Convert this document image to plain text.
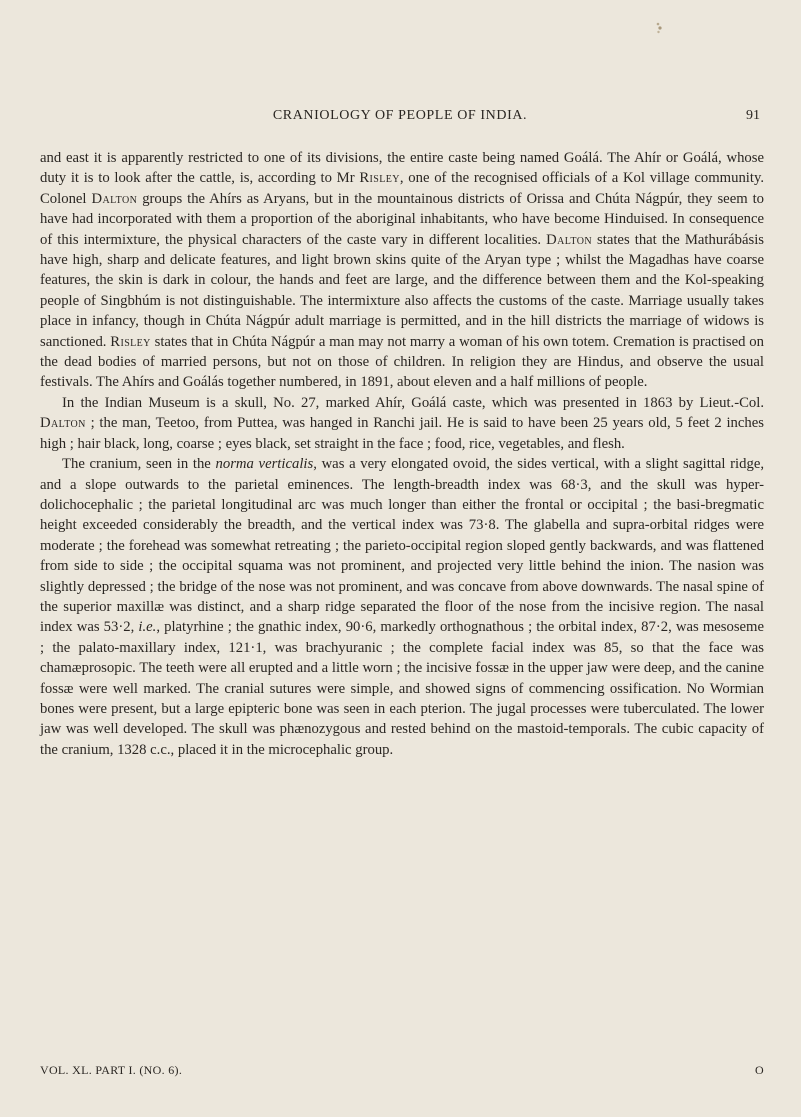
CRANIOLOGY OF PEOPLE OF INDIA.	91

and east it is apparently restricted to one of its divisions, the entire caste being named Goálá. The Ahír or Goálá, whose duty it is to look after the cattle, is, according to Mr Risley, one of the recognised officials of a Kol village community. Colonel Dalton groups the Ahírs as Aryans, but in the mountainous districts of Orissa and Chúta Nágpúr, they seem to have had incorporated with them a proportion of the aboriginal inhabitants, who have become Hinduised. In consequence of this intermixture, the physical characters of the caste vary in different localities. Dalton states that the Mathurábásis have high, sharp and delicate features, and light brown skins quite of the Aryan type ; whilst the Magadhas have coarse features, the skin is dark in colour, the hands and feet are large, and the difference between them and the Kol-speaking people of Singbhúm is not distinguishable. The intermixture also affects the customs of the caste. Marriage usually takes place in infancy, though in Chúta Nágpúr adult marriage is permitted, and in the hill districts the marriage of widows is sanctioned. Risley states that in Chúta Nágpúr a man may not marry a woman of his own totem. Cremation is practised on the dead bodies of married persons, but not on those of children. In religion they are Hindus, and observe the usual festivals. The Ahírs and Goálás together numbered, in 1891, about eleven and a half millions of people.

In the Indian Museum is a skull, No. 27, marked Ahír, Goálá caste, which was presented in 1863 by Lieut.-Col. Dalton ; the man, Teetoo, from Puttea, was hanged in Ranchi jail. He is said to have been 25 years old, 5 feet 2 inches high ; hair black, long, coarse ; eyes black, set straight in the face ; food, rice, vegetables, and flesh.

The cranium, seen in the norma verticalis, was a very elongated ovoid, the sides vertical, with a slight sagittal ridge, and a slope outwards to the parietal eminences. The length-breadth index was 68·3, and the skull was hyper-dolichocephalic ; the parietal longitudinal arc was much longer than either the frontal or occipital ; the basi-bregmatic height exceeded considerably the breadth, and the vertical index was 73·8. The glabella and supra-orbital ridges were moderate ; the forehead was somewhat retreating ; the parieto-occipital region sloped gently backwards, and was flattened from side to side ; the occipital squama was not prominent, and projected very little behind the inion. The nasion was slightly depressed ; the bridge of the nose was not prominent, and was concave from above downwards. The nasal spine of the superior maxillæ was distinct, and a sharp ridge separated the floor of the nose from the incisive region. The nasal index was 53·2, i.e., platyrhine ; the gnathic index, 90·6, markedly orthognathous ; the orbital index, 87·2, was mesoseme ; the palato-maxillary index, 121·1, was brachyuranic ; the complete facial index was 85, so that the face was chamæprosopic. The teeth were all erupted and a little worn ; the incisive fossæ in the upper jaw were deep, and the canine fossæ were well marked. The cranial sutures were simple, and showed signs of commencing ossification. No Wormian bones were present, but a large epipteric bone was seen in each pterion. The jugal processes were tuberculated. The lower jaw was well developed. The skull was phænozygous and rested behind on the mastoid-temporals. The cubic capacity of the cranium, 1328 c.c., placed it in the microcephalic group.

VOL. XL. PART I. (NO. 6).	O
